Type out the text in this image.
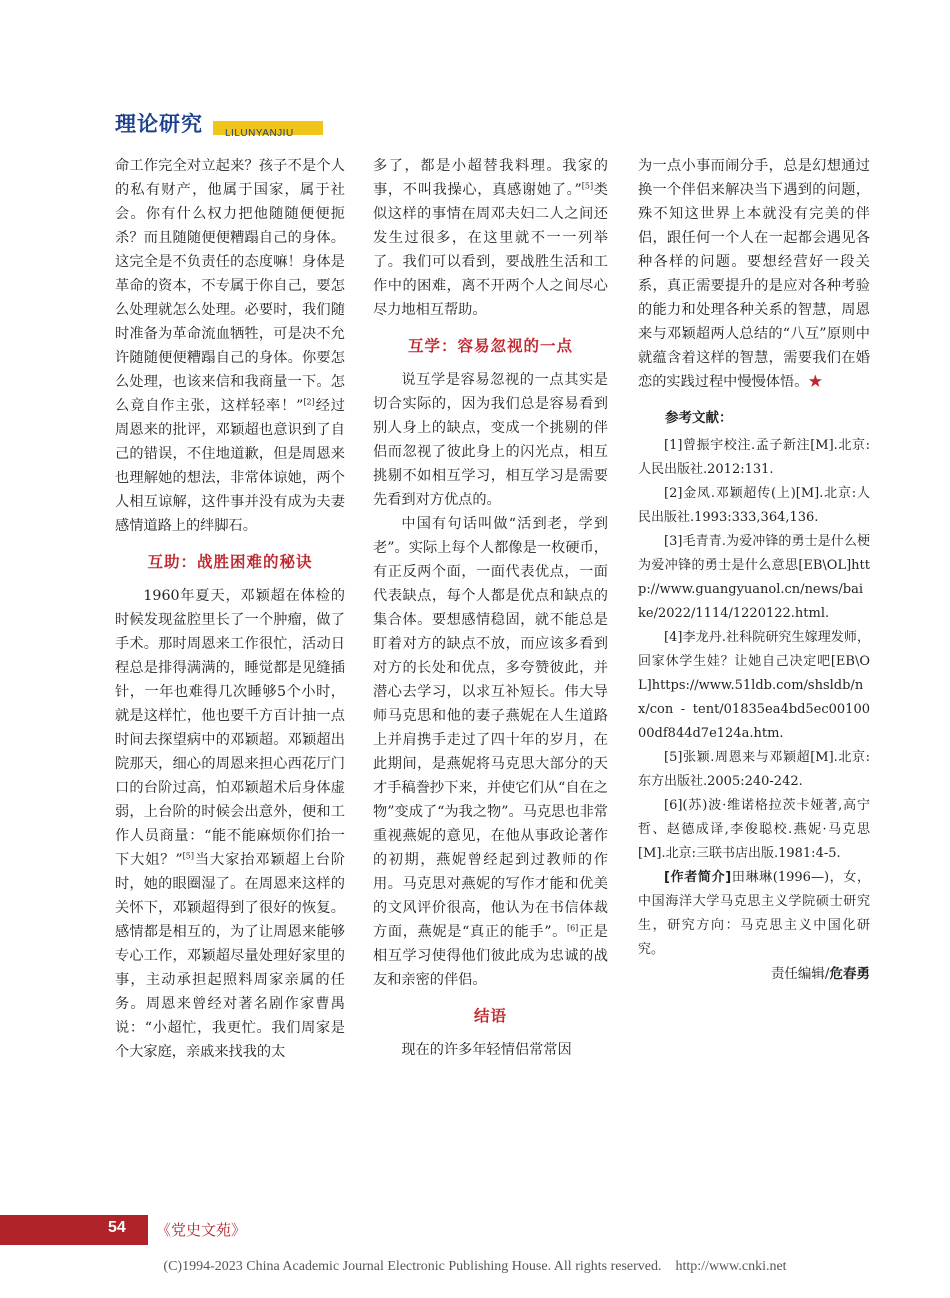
LILUNYANJIU
理论研究

命工作完全对立起来？孩子不是个人的私有财产，他属于国家，属于社会。你有什么权力把他随随便便扼杀？而且随随便便糟蹋自己的身体。这完全是不负责任的态度嘛！身体是革命的资本，不专属于你自己，要怎么处理就怎么处理。必要时，我们随时准备为革命流血牺牲，可是决不允许随随便便糟蹋自己的身体。你要怎么处理，也该来信和我商量一下。怎么竟自作主张，这样轻率！”[2]经过周恩来的批评，邓颖超也意识到了自己的错误，不住地道歉，但是周恩来也理解她的想法，非常体谅她，两个人相互谅解，这件事并没有成为夫妻感情道路上的绊脚石。

互助：战胜困难的秘诀

1960年夏天，邓颖超在体检的时候发现盆腔里长了一个肿瘤，做了手术。那时周恩来工作很忙，活动日程总是排得满满的，睡觉都是见缝插针，一年也难得几次睡够5个小时，就是这样忙，他也要千方百计抽一点时间去探望病中的邓颖超。邓颖超出院那天，细心的周恩来担心西花厅门口的台阶过高，怕邓颖超术后身体虚弱，上台阶的时候会出意外，便和工作人员商量：“能不能麻烦你们抬一下大姐？”[5]当大家抬邓颖超上台阶时，她的眼圈湿了。在周恩来这样的关怀下，邓颖超得到了很好的恢复。感情都是相互的，为了让周恩来能够专心工作，邓颖超尽量处理好家里的事，主动承担起照料周家亲属的任务。周恩来曾经对著名剧作家曹禺说：“小超忙，我更忙。我们周家是个大家庭，亲戚来找我的太

多了，都是小超替我料理。我家的事，不叫我操心，真感谢她了。”[5]类似这样的事情在周邓夫妇二人之间还发生过很多，在这里就不一一列举了。我们可以看到，要战胜生活和工作中的困难，离不开两个人之间尽心尽力地相互帮助。

互学：容易忽视的一点

说互学是容易忽视的一点其实是切合实际的，因为我们总是容易看到别人身上的缺点，变成一个挑剔的伴侣而忽视了彼此身上的闪光点，相互挑剔不如相互学习，相互学习是需要先看到对方优点的。

中国有句话叫做“活到老，学到老”。实际上每个人都像是一枚硬币，有正反两个面，一面代表优点，一面代表缺点，每个人都是优点和缺点的集合体。要想感情稳固，就不能总是盯着对方的缺点不放，而应该多看到对方的长处和优点，多夸赞彼此，并潜心去学习，以求互补短长。伟大导师马克思和他的妻子燕妮在人生道路上并肩携手走过了四十年的岁月，在此期间，是燕妮将马克思大部分的天才手稿誊抄下来，并使它们从“自在之物”变成了“为我之物”。马克思也非常重视燕妮的意见，在他从事政论著作的初期，燕妮曾经起到过教师的作用。马克思对燕妮的写作才能和优美的文风评价很高，他认为在书信体裁方面，燕妮是“真正的能手”。[6]正是相互学习使得他们彼此成为忠诚的战友和亲密的伴侣。

结语

现在的许多年轻情侣常常因

为一点小事而闹分手，总是幻想通过换一个伴侣来解决当下遇到的问题，殊不知这世界上本就没有完美的伴侣，跟任何一个人在一起都会遇见各种各样的问题。要想经营好一段关系，真正需要提升的是应对各种考验的能力和处理各种关系的智慧，周恩来与邓颖超两人总结的“八互”原则中就蕴含着这样的智慧，需要我们在婚恋的实践过程中慢慢体悟。★

参考文献：

[1]曾振宇校注.孟子新注[M].北京:人民出版社.2012:131.

[2]金凤.邓颖超传(上)[M].北京:人民出版社.1993:333,364,136.

[3]毛青青.为爱冲锋的勇士是什么梗　为爱冲锋的勇士是什么意思[EB\OL]http://www.guangyuanol.cn/news/baike/2022/1114/1220122.html.

[4]李龙丹.社科院研究生嫁理发师，回家休学生娃？让她自己决定吧[EB\OL]https://www.51ldb.com/shsldb/nx/con - tent/01835ea4bd5ec0010000df844d7e124a.htm.

[5]张颖.周恩来与邓颖超[M].北京:东方出版社.2005:240-242.

[6](苏)波·维诺格拉茨卡娅著,高宁哲、赵德成译,李俊聪校.燕妮·马克思[M].北京:三联书店出版.1981:4-5.

[作者简介]田琳琳(1996—)，女，中国海洋大学马克思主义学院硕士研究生，研究方向：马克思主义中国化研究。

责任编辑/危春勇

54 《党史文苑》
(C)1994-2023 China Academic Journal Electronic Publishing House. All rights reserved.　http://www.cnki.net
